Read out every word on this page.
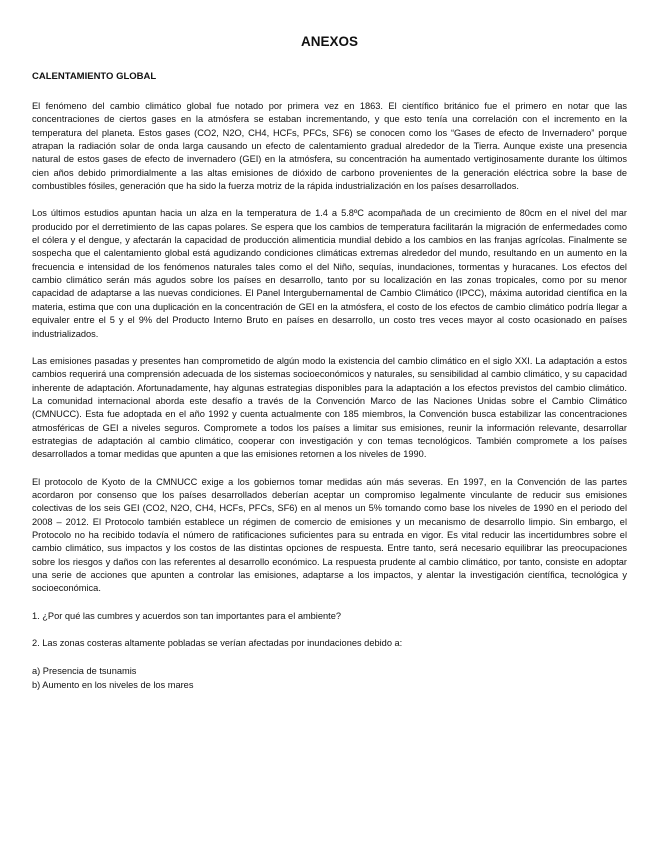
ANEXOS
CALENTAMIENTO GLOBAL

El fenómeno del cambio climático global fue notado por primera vez en 1863. El científico británico fue el primero en notar que las concentraciones de ciertos gases en la atmósfera se estaban incrementando, y que esto tenía una correlación con el incremento en la temperatura del planeta. Estos gases (CO2, N2O, CH4, HCFs, PFCs, SF6) se conocen como los “Gases de efecto de Invernadero” porque atrapan la radiación solar de onda larga causando un efecto de calentamiento gradual alrededor de la Tierra. Aunque existe una presencia natural de estos gases de efecto de invernadero (GEI) en la atmósfera, su concentración ha aumentado vertiginosamente durante los últimos cien años debido primordialmente a las altas emisiones de dióxido de carbono provenientes de la generación eléctrica sobre la base de combustibles fósiles, generación que ha sido la fuerza motriz de la rápida industrialización en los países desarrollados.

Los últimos estudios apuntan hacia un alza en la temperatura de 1.4 a 5.8ºC acompañada de un crecimiento de 80cm en el nivel del mar producido por el derretimiento de las capas polares. Se espera que los cambios de temperatura facilitarán la migración de enfermedades como el cólera y el dengue, y afectarán la capacidad de producción alimenticia mundial debido a los cambios en las franjas agrícolas. Finalmente se sospecha que el calentamiento global está agudizando condiciones climáticas extremas alrededor del mundo, resultando en un aumento en la frecuencia e intensidad de los fenómenos naturales tales como el del Niño, sequías, inundaciones, tormentas y huracanes. Los efectos del cambio climático serán más agudos sobre los países en desarrollo, tanto por su localización en las zonas tropicales, como por su menor capacidad de adaptarse a las nuevas condiciones. El Panel Intergubernamental de Cambio Climático (IPCC), máxima autoridad científica en la materia, estima que con una duplicación en la concentración de GEI en la atmósfera, el costo de los efectos de cambio climático podría llegar a equivaler entre el 5 y el 9% del Producto Interno Bruto en países en desarrollo, un costo tres veces mayor al costo ocasionado en países industrializados.

Las emisiones pasadas y presentes han comprometido de algún modo la existencia del cambio climático en el siglo XXI. La adaptación a estos cambios requerirá una comprensión adecuada de los sistemas socioeconómicos y naturales, su sensibilidad al cambio climático, y su capacidad inherente de adaptación. Afortunadamente, hay algunas estrategias disponibles para la adaptación a los efectos previstos del cambio climático. La comunidad internacional aborda este desafío a través de la Convención Marco de las Naciones Unidas sobre el Cambio Climático (CMNUCC). Esta fue adoptada en el año 1992 y cuenta actualmente con 185 miembros, la Convención busca estabilizar las concentraciones atmosféricas de GEI a niveles seguros. Compromete a todos los países a limitar sus emisiones, reunir la información relevante, desarrollar estrategias de adaptación al cambio climático, cooperar con investigación y con temas tecnológicos. También compromete a los países desarrollados a tomar medidas que apunten a que las emisiones retornen a los niveles de 1990.

El protocolo de Kyoto de la CMNUCC exige a los gobiernos tomar medidas aún más severas. En 1997, en la Convención de las partes acordaron por consenso que los países desarrollados deberían aceptar un compromiso legalmente vinculante de reducir sus emisiones colectivas de los seis GEI (CO2, N2O, CH4, HCFs, PFCs, SF6) en al menos un 5% tomando como base los niveles de 1990 en el periodo del 2008 – 2012. El Protocolo también establece un régimen de comercio de emisiones y un mecanismo de desarrollo limpio. Sin embargo, el Protocolo no ha recibido todavía el número de ratificaciones suficientes para su entrada en vigor. Es vital reducir las incertidumbres sobre el cambio climático, sus impactos y los costos de las distintas opciones de respuesta. Entre tanto, será necesario equilibrar las preocupaciones sobre los riesgos y daños con las referentes al desarrollo económico. La respuesta prudente al cambio climático, por tanto, consiste en adoptar una serie de acciones que apunten a controlar las emisiones, adaptarse a los impactos, y alentar la investigación científica, tecnológica y socioeconómica.

1. ¿Por qué las cumbres y acuerdos son tan importantes para el ambiente?
2. Las zonas costeras altamente pobladas se verían afectadas por inundaciones debido a:
a) Presencia de tsunamis
b) Aumento en los niveles de los mares
